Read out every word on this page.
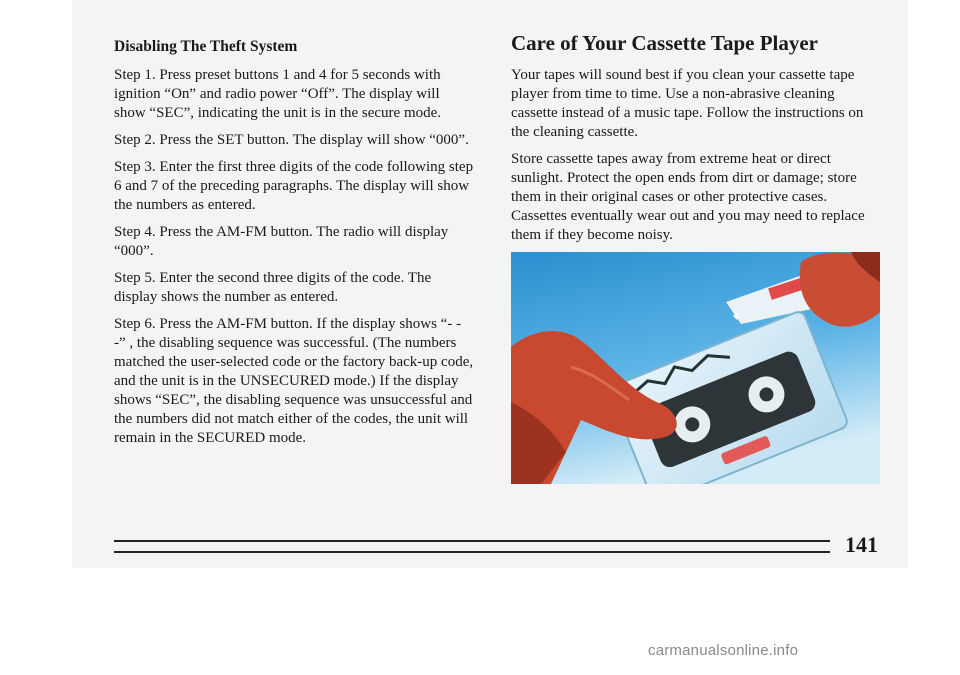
Disabling The Theft System

Step 1. Press preset buttons 1 and 4 for 5 seconds with ignition “On” and radio power “Off”. The display will show “SEC”, indicating the unit is in the secure mode.

Step 2. Press the SET button. The display will show “000”.

Step 3. Enter the first three digits of the code following step 6 and 7 of the preceding paragraphs. The display will show the numbers as entered.

Step 4. Press the AM-FM button. The radio will display “000”.

Step 5. Enter the second three digits of the code. The display shows the number as entered.

Step 6. Press the AM-FM button. If the display shows “- - -” , the disabling sequence was successful. (The numbers matched the user-selected code or the factory back-up code, and the unit is in the UNSECURED mode.) If the display shows “SEC”, the disabling sequence was unsuccessful and the numbers did not match either of the codes, the unit will remain in the SECURED mode.

Care of Your Cassette Tape Player

Your tapes will sound best if you clean your cassette tape player from time to time. Use a non-abrasive cleaning cassette instead of a music tape. Follow the instructions on the cleaning cassette.

Store cassette tapes away from extreme heat or direct sunlight. Protect the open ends from dirt or damage; store them in their original cases or other protective cases. Cassettes eventually wear out and you may need to replace them if they become noisy.

141
carmanualsonline.info
